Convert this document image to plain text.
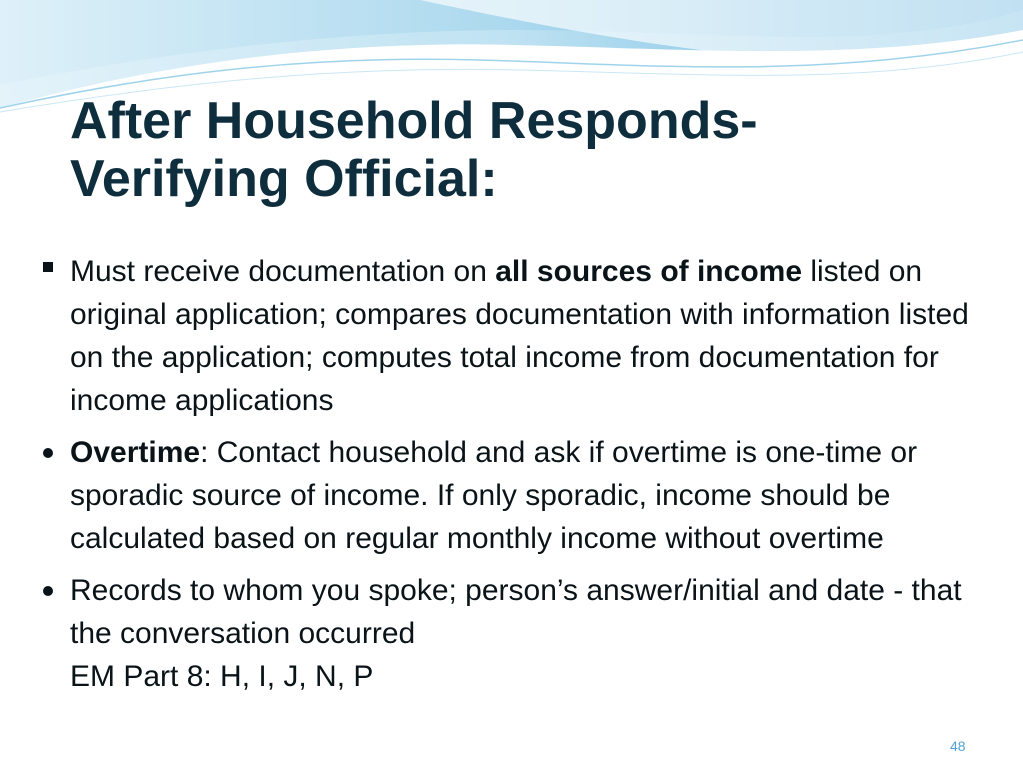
After Household Responds-
Verifying Official:
Must receive documentation on all sources of income listed on original application; compares documentation with information listed on the application; computes total income from documentation for income applications
Overtime: Contact household and ask if overtime is one-time or sporadic source of income. If only sporadic, income should be calculated based on regular monthly income without overtime
Records to whom you spoke; person’s answer/initial and date - that the conversation occurred
EM Part 8: H, I, J, N, P
48
